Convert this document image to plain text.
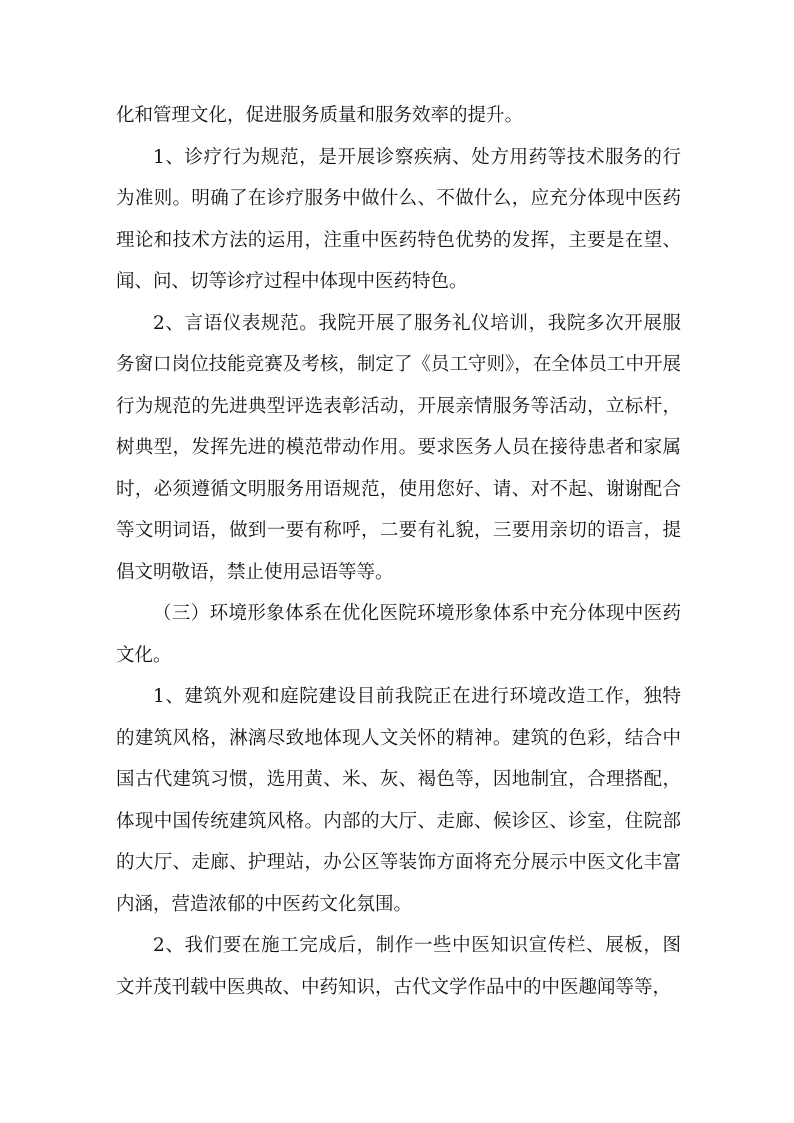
化和管理文化，促进服务质量和服务效率的提升。

1、诊疗行为规范，是开展诊察疾病、处方用药等技术服务的行为准则。明确了在诊疗服务中做什么、不做什么，应充分体现中医药理论和技术方法的运用，注重中医药特色优势的发挥，主要是在望、闻、问、切等诊疗过程中体现中医药特色。

2、言语仪表规范。我院开展了服务礼仪培训，我院多次开展服务窗口岗位技能竞赛及考核，制定了《员工守则》，在全体员工中开展行为规范的先进典型评选表彰活动，开展亲情服务等活动，立标杆，树典型，发挥先进的模范带动作用。要求医务人员在接待患者和家属时，必须遵循文明服务用语规范，使用您好、请、对不起、谢谢配合等文明词语，做到一要有称呼，二要有礼貌，三要用亲切的语言，提倡文明敬语，禁止使用忌语等等。

（三）环境形象体系在优化医院环境形象体系中充分体现中医药文化。

1、建筑外观和庭院建设目前我院正在进行环境改造工作，独特的建筑风格，淋漓尽致地体现人文关怀的精神。建筑的色彩，结合中国古代建筑习惯，选用黄、米、灰、褐色等，因地制宜，合理搭配，体现中国传统建筑风格。内部的大厅、走廊、候诊区、诊室，住院部的大厅、走廊、护理站，办公区等装饰方面将充分展示中医文化丰富内涵，营造浓郁的中医药文化氛围。

2、我们要在施工完成后，制作一些中医知识宣传栏、展板，图文并茂刊载中医典故、中药知识，古代文学作品中的中医趣闻等等，
